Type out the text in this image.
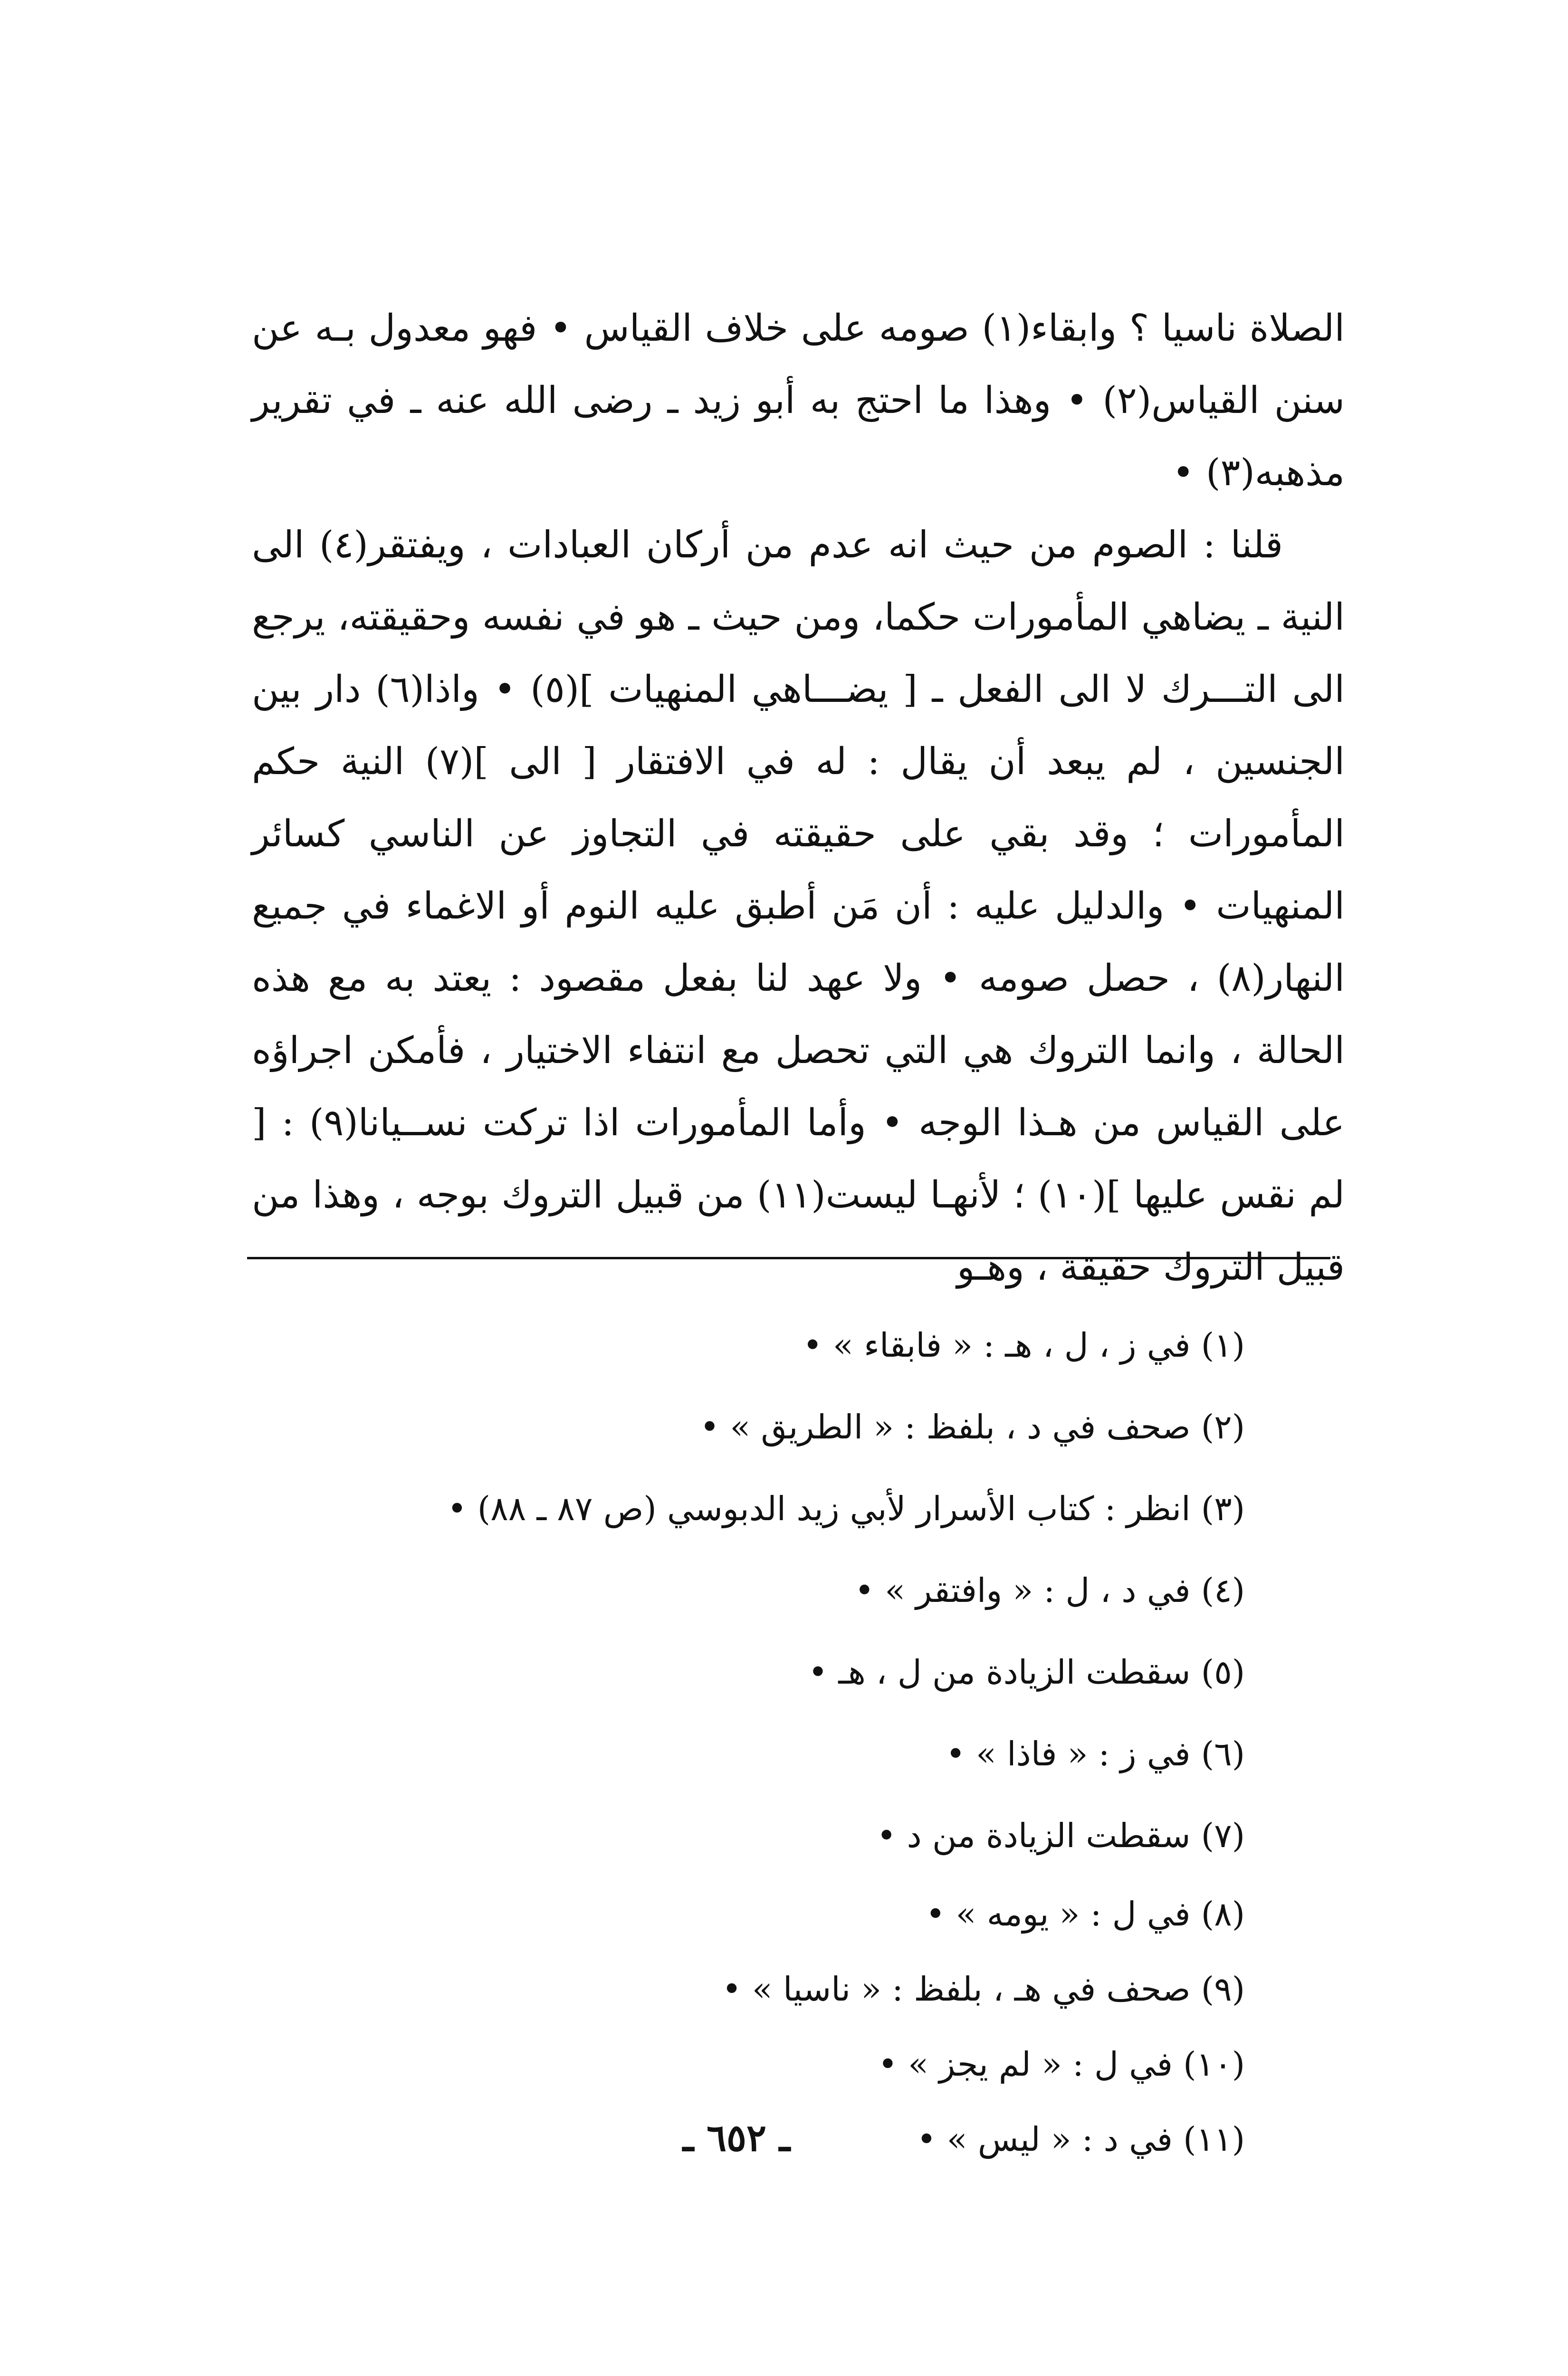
الصلاة ناسيا ؟ وابقاء(١) صومه على خلاف القياس • فهو معدول بـه عن سنن القياس(٢) • وهذا ما احتج به أبو زيد ـ رضى الله عنه ـ في تقرير مذهبه(٣) •

قلنا : الصوم من حيث انه عدم من أركان العبادات ، ويفتقر(٤) الى النية ـ يضاهي المأمورات حكما، ومن حيث ـ هو في نفسه وحقيقته، يرجع الى التـــرك لا الى الفعل ـ [ يضـــاهي المنهيات ](٥) • واذا(٦) دار بين الجنسين ، لم يبعد أن يقال : له في الافتقار [ الى ](٧) النية حكم المأمورات ؛ وقد بقي على حقيقته في التجاوز عن الناسي كسائر المنهيات • والدليل عليه : أن مَن أطبق عليه النوم أو الاغماء في جميع النهار(٨) ، حصل صومه • ولا عهد لنا بفعل مقصود : يعتد به مع هذه الحالة ، وانما التروك هي التي تحصل مع انتفاء الاختيار ، فأمكن اجراؤه على القياس من هـذا الوجه • وأما المأمورات اذا تركت نســيانا(٩) : [ لم نقس عليها ](١٠) ؛ لأنهـا ليست(١١) من قبيل التروك بوجه ، وهذا من قبيل التروك حقيقة ، وهـو

(١) في ز ، ل ، هـ : « فابقاء » •
(٢) صحف في د ، بلفظ : « الطريق » •
(٣) انظر : كتاب الأسرار لأبي زيد الدبوسي (ص ٨٧ ـ ٨٨) •
(٤) في د ، ل : « وافتقر » •
(٥) سقطت الزيادة من ل ، هـ •
(٦) في ز : « فاذا » •
(٧) سقطت الزيادة من د •
(٨) في ل : « يومه » •
(٩) صحف في هـ ، بلفظ : « ناسيا » •
(١٠) في ل : « لم يجز » •
(١١) في د : « ليس » •
ـ ٦٥٢ ـ
